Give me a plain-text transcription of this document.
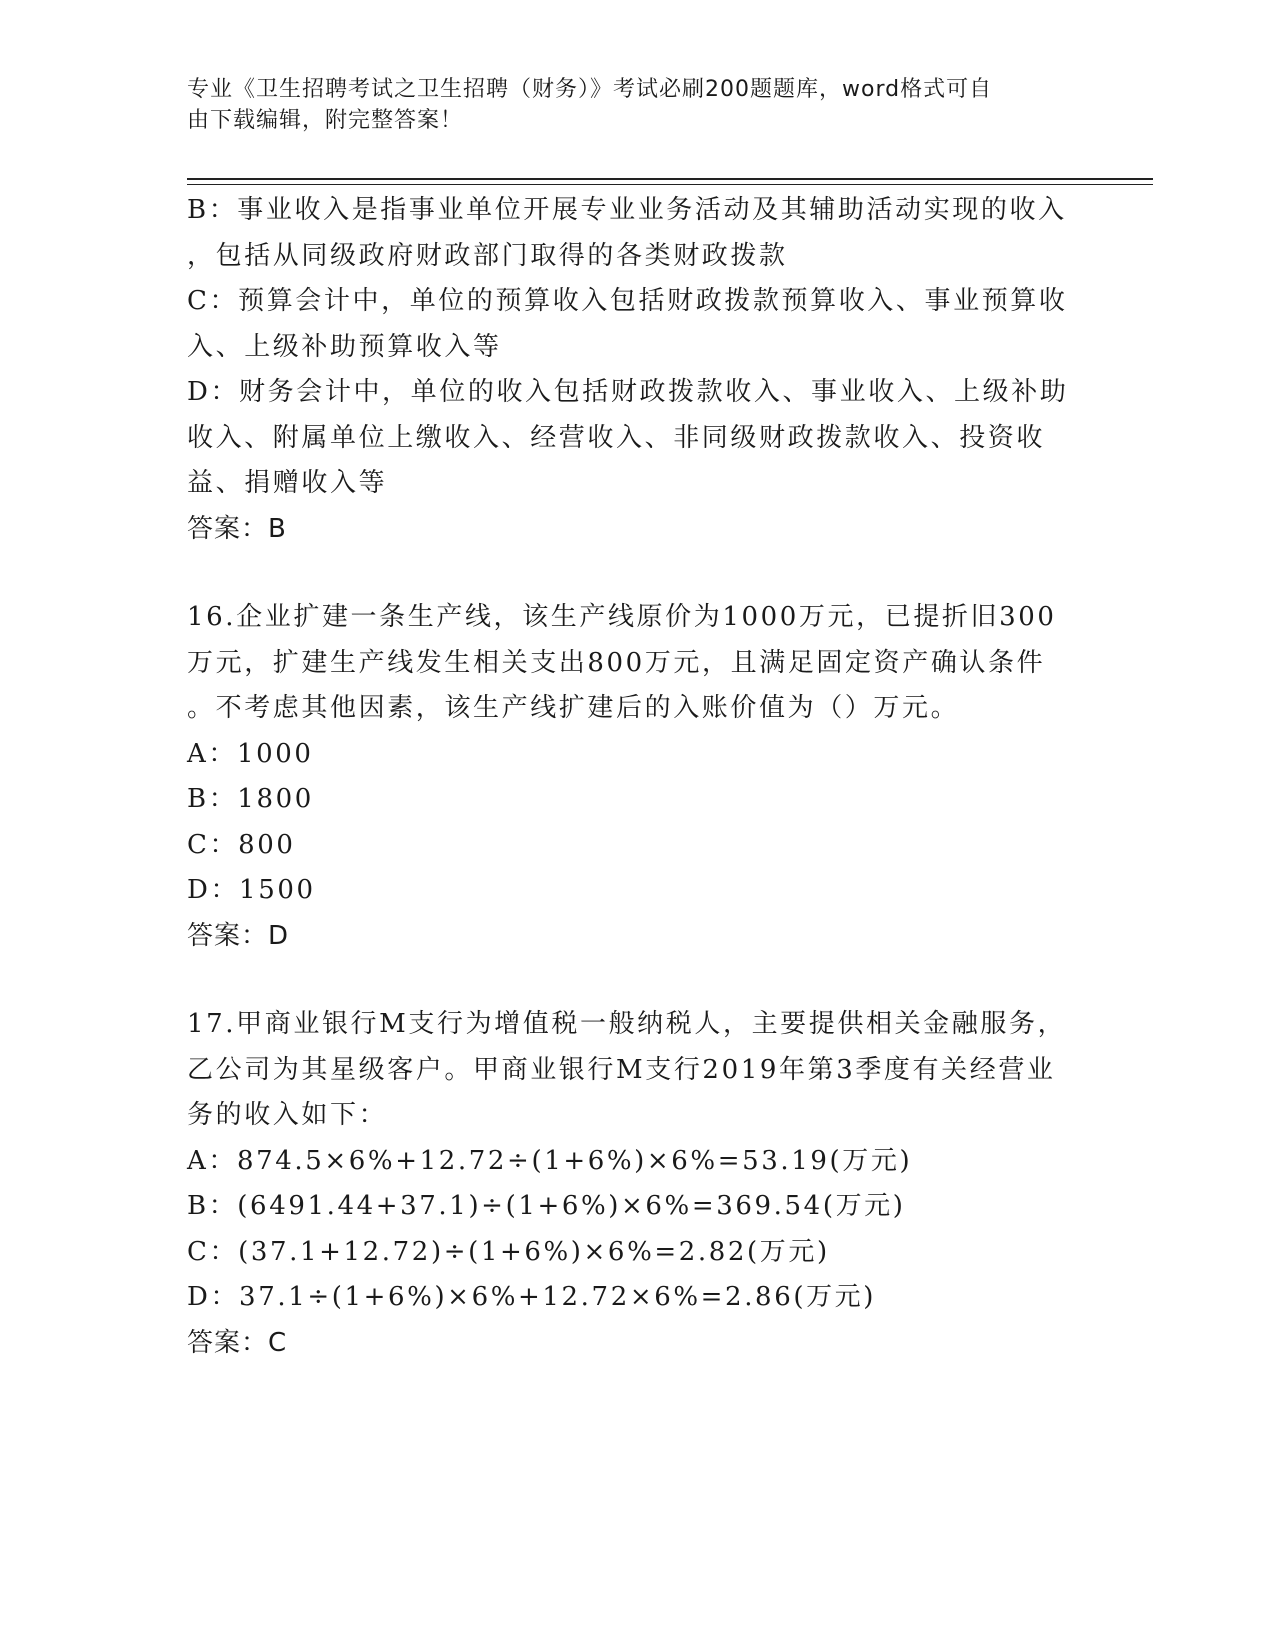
专业《卫生招聘考试之卫生招聘（财务）》考试必刷200题题库，word格式可自
由下载编辑，附完整答案！
B：事业收入是指事业单位开展专业业务活动及其辅助活动实现的收入
，包括从同级政府财政部门取得的各类财政拨款
C：预算会计中，单位的预算收入包括财政拨款预算收入、事业预算收
入、上级补助预算收入等
D：财务会计中，单位的收入包括财政拨款收入、事业收入、上级补助
收入、附属单位上缴收入、经营收入、非同级财政拨款收入、投资收
益、捐赠收入等
答案：B
16.企业扩建一条生产线，该生产线原价为1000万元，已提折旧300
万元，扩建生产线发生相关支出800万元，且满足固定资产确认条件
。不考虑其他因素，该生产线扩建后的入账价值为（）万元。
A：1000
B：1800
C：800
D：1500
答案：D
17.甲商业银行M支行为增值税一般纳税人，主要提供相关金融服务，
乙公司为其星级客户。甲商业银行M支行2019年第3季度有关经营业
务的收入如下：
A：874.5×6%+12.72÷(1+6%)×6%=53.19(万元)
B：(6491.44+37.1)÷(1+6%)×6%=369.54(万元)
C：(37.1+12.72)÷(1+6%)×6%=2.82(万元)
D：37.1÷(1+6%)×6%+12.72×6%=2.86(万元)
答案：C
